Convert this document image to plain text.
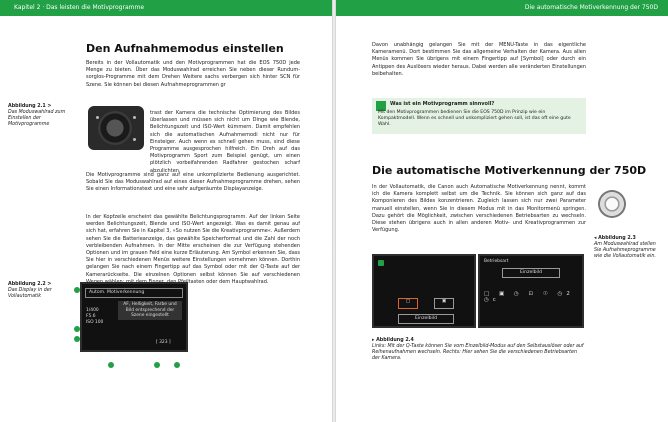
Kapitel 2 · Das leisten die Motivprogramme
Den Aufnahmemodus einstellen

Bereits in der Vollautomatik und den Motivprogrammen hat die EOS 750D jede Menge zu bieten. Über das Moduswahlrad erreichen Sie neben dieser Rundum-sorglos-Programme mit dem Drehen Weitere sachs verbergen sich hinter SCN für Szene. Sie können bei diesen Aufnahmeprogrammen gr

trast der Kamera die technische Optimierung des Bildes überlassen und müssen sich nicht um Dinge wie Blende, Belichtungszeit und ISO-Wert kümmern. Damit empfehlen sich die automatischen Aufnahmemodi nicht nur für Einsteiger. Auch wenn es schnell gehen muss, sind diese Programme ausgesprochen hilfreich. Ein Dreh auf das Motivprogramm Sport zum Beispiel genügt, um einen plötzlich vorbeifahrenden Radfahrer gestochen scharf abzulichten.

Abbildung 2.1 >
Das Moduswahlrad zum Einstellen der Motivprogramme

Die Motivprogramme sind ganz auf eine unkomplizierte Bedienung ausgerichtet. Sobald Sie das Moduswahlrad auf eines dieser Aufnahmeprogramme drehen, sehen Sie einen Informationstext und eine sehr aufgeräumte Displayanzeige.

Abbildung 2.2 >
Das Display in der Vollautomatik
Autom. Motiverkennung
AF, Helligkeit, Farbe und Bild entsprechend der Szene eingestellt
1/400
F5.6
ISO 100
[ 323 ]

In der Kopfzeile erscheint das gewählte Belichtungsprogramm. Auf der linken Seite werden Belichtungszeit, Blende und ISO-Wert angezeigt. Was es damit genau auf sich hat, erfahren Sie in Kapitel 3, »So nutzen Sie die Kreativprogramme«. Außerdem sehen Sie die Batterieanzeige, das gewählte Speicherformat und die Zahl der noch verbleibenden Aufnahmen. In der Mitte erscheinen die zur Verfügung stehenden Optionen und im grauen Feld eine kurze Erläuterung. Am Symbol erkennen Sie, dass Sie hier in verschiedenen Menüs weitere Einstellungen vornehmen können. Dorthin gelangen Sie nach einem Fingertipp auf das Symbol oder mit der Q-Taste auf der Kamerarückseite. Die einzelnen Optionen selbst können Sie auf verschiedenen Wegen wählen: mit dem Finger, den Pfeiltasten oder dem Hauptwahlrad.

Die automatische Motiverkennung der 750D

Davon unabhängig gelangen Sie mit der MENU-Taste in das eigentliche Kameramenü. Dort bestimmen Sie das allgemeine Verhalten der Kamera. Aus allen Menüs kommen Sie übrigens mit einem Fingertipp auf [Symbol] oder durch ein Antippen des Auslösers wieder heraus. Dabei werden alle veränderten Einstellungen beibehalten.

Was ist ein Motivprogramm sinnvoll?
Mit den Motivprogrammen bedienen Sie die EOS 750D im Prinzip wie ein Kompaktmodell. Wenn es schnell und unkompliziert gehen soll, ist das oft eine gute Wahl.
Die automatische Motiverkennung der 750D

In der Vollautomatik, die Canon auch Automatische Motiverkennung nennt, kommt ich die Kamera komplett selbst um die Technik. Sie können sich ganz auf das Komponieren des Bildes konzentrieren. Zugleich lassen sich nur zwei Parameter manuell einstellen, wenn Sie in diesem Modus mit in das Monitormenü springen. Dazu gehört die Möglichkeit, zwischen verschiedenen Betriebsarten zu wechseln. Diese stehen übrigens auch in allen anderen Motiv- und Kreativprogrammen zur Verfügung.

◂ Abbildung 2.3
Am Moduswahlrad stellen Sie Aufnahmeprogramme wie die Vollautomatik ein.
□	▣
Einzelbild
Betriebsart
Einzelbild
□ ▣ ◷ ⊡ ☉ ◷2 ◷c
▸ Abbildung 2.4
Links: Mit der Q-Taste können Sie vom Einzelbild-Modus auf den Selbstauslöser oder auf Reihenaufnahmen wechseln. Rechts: Hier sehen Sie die verschiedenen Betriebsarten der Kamera.
